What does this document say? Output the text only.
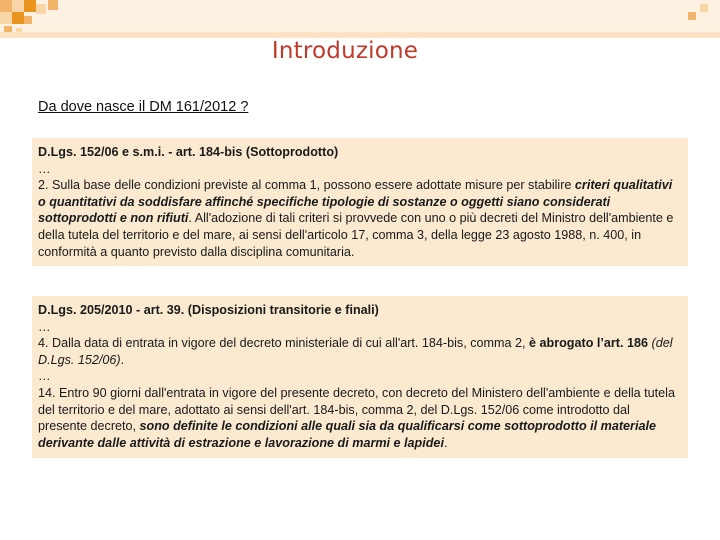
Introduzione
Da dove nasce il DM 161/2012 ?

D.Lgs. 152/06 e s.m.i. - art. 184-bis (Sottoprodotto)

…

2. Sulla base delle condizioni previste al comma 1, possono essere adottate misure per stabilire criteri qualitativi o quantitativi da soddisfare affinché specifiche tipologie di sostanze o oggetti siano considerati sottoprodotti e non rifiuti. All'adozione di tali criteri si provvede con uno o più decreti del Ministro dell'ambiente e della tutela del territorio e del mare, ai sensi dell'articolo 17, comma 3, della legge 23 agosto 1988, n. 400, in conformità a quanto previsto dalla disciplina comunitaria.

D.Lgs. 205/2010 - art. 39. (Disposizioni transitorie e finali)

…

4. Dalla data di entrata in vigore del decreto ministeriale di cui all'art. 184-bis, comma 2, è abrogato l’art. 186 (del D.Lgs. 152/06).

…

14. Entro 90 giorni dall'entrata in vigore del presente decreto, con decreto del Ministero dell'ambiente e della tutela del territorio e del mare, adottato ai sensi dell'art. 184-bis, comma 2, del D.Lgs. 152/06 come introdotto dal presente decreto, sono definite le condizioni alle quali sia da qualificarsi come sottoprodotto il materiale derivante dalle attività di estrazione e lavorazione di marmi e lapidei.
